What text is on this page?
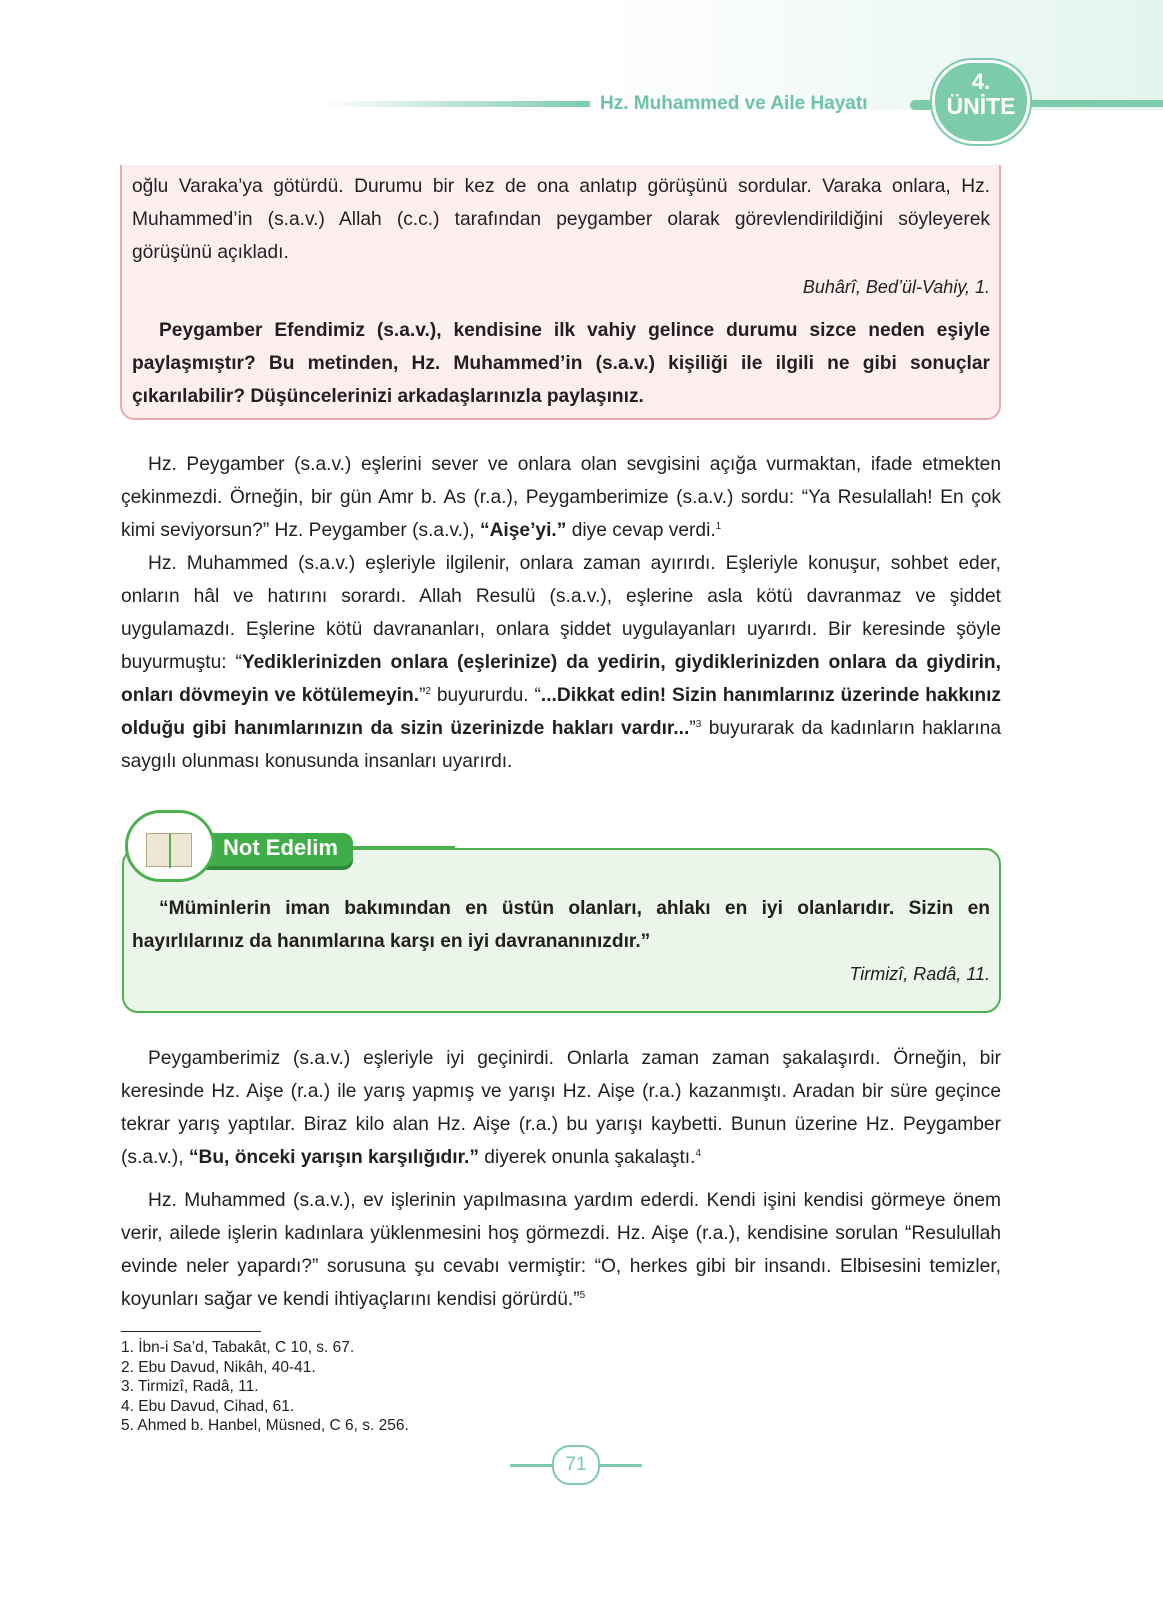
Hz. Muhammed ve Aile Hayatı
4.
ÜNİTE

oğlu Varaka’ya götürdü. Durumu bir kez de ona anlatıp görüşünü sordular. Varaka onlara, Hz. Muhammed’in (s.a.v.) Allah (c.c.) tarafından peygamber olarak görevlendirildiğini söyleyerek görüşünü açıkladı.

Buhârî, Bed’ül-Vahiy, 1.

Peygamber Efendimiz (s.a.v.), kendisine ilk vahiy gelince durumu sizce neden eşiyle paylaşmıştır? Bu metinden, Hz. Muhammed’in (s.a.v.) kişiliği ile ilgili ne gibi sonuçlar çıkarılabilir? Düşüncelerinizi arkadaşlarınızla paylaşınız.

Hz. Peygamber (s.a.v.) eşlerini sever ve onlara olan sevgisini açığa vurmaktan, ifade etmekten çekinmezdi. Örneğin, bir gün Amr b. As (r.a.), Peygamberimize (s.a.v.) sordu: “Ya Resulallah! En çok kimi seviyorsun?” Hz. Peygamber (s.a.v.), “Aişe’yi.” diye cevap verdi.$^1$

Hz. Muhammed (s.a.v.) eşleriyle ilgilenir, onlara zaman ayırırdı. Eşleriyle konuşur, sohbet eder, onların hâl ve hatırını sorardı. Allah Resulü (s.a.v.), eşlerine asla kötü davranmaz ve şiddet uygulamazdı. Eşlerine kötü davrananları, onlara şiddet uygulayanları uyarırdı. Bir keresinde şöyle buyurmuştu: “Yediklerinizden onlara (eşlerinize) da yedirin, giydiklerinizden onlara da giydirin, onları dövmeyin ve kötülemeyin.”$^2$ buyururdu. “...Dikkat edin! Sizin hanımlarınız üzerinde hakkınız olduğu gibi hanımlarınızın da sizin üzerinizde hakları vardır...”$^3$ buyurarak da kadınların haklarına saygılı olunması konusunda insanları uyarırdı.

Not Edelim

“Müminlerin iman bakımından en üstün olanları, ahlakı en iyi olanlarıdır. Sizin en hayırlılarınız da hanımlarına karşı en iyi davrananınızdır.”

Tirmizî, Radâ, 11.

Peygamberimiz (s.a.v.) eşleriyle iyi geçinirdi. Onlarla zaman zaman şakalaşırdı. Örneğin, bir keresinde Hz. Aişe (r.a.) ile yarış yapmış ve yarışı Hz. Aişe (r.a.) kazanmıştı. Aradan bir süre geçince tekrar yarış yaptılar. Biraz kilo alan Hz. Aişe (r.a.) bu yarışı kaybetti. Bunun üzerine Hz. Peygamber (s.a.v.), “Bu, önceki yarışın karşılığıdır.” diyerek onunla şakalaştı.$^4$

Hz. Muhammed (s.a.v.), ev işlerinin yapılmasına yardım ederdi. Kendi işini kendisi görmeye önem verir, ailede işlerin kadınlara yüklenmesini hoş görmezdi. Hz. Aişe (r.a.), kendisine sorulan “Resulullah evinde neler yapardı?” sorusuna şu cevabı vermiştir: “O, herkes gibi bir insandı. Elbisesini temizler, koyunları sağar ve kendi ihtiyaçlarını kendisi görürdü.”$^5$

1. İbn-i Sa’d, Tabakât, C 10, s. 67.
2. Ebu Davud, Nikâh, 40-41.
3. Tirmizî, Radâ, 11.
4. Ebu Davud, Cihad, 61.
5. Ahmed b. Hanbel, Müsned, C 6, s. 256.
71
